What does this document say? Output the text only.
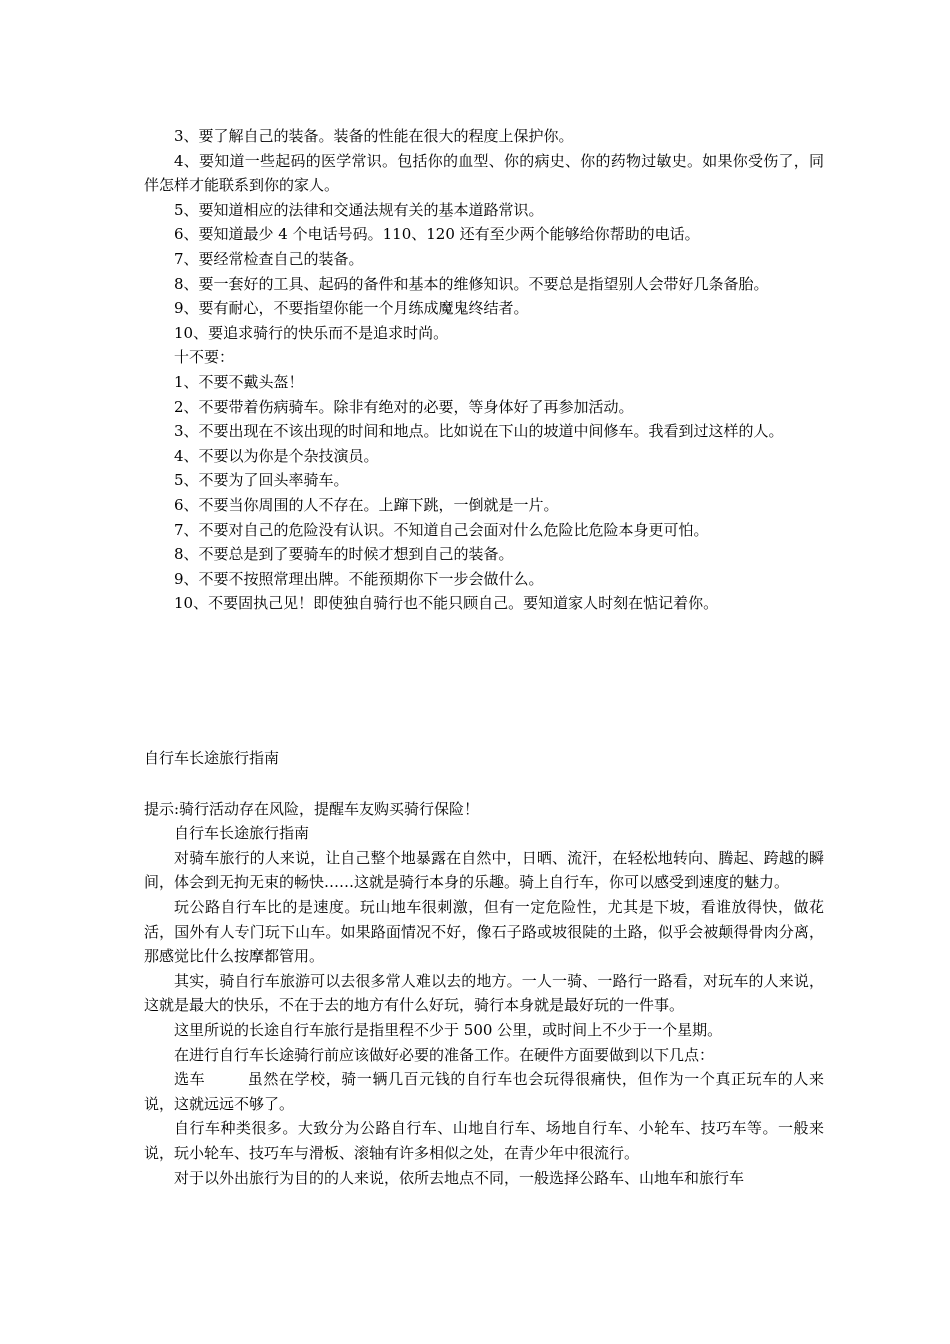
3、要了解自己的装备。装备的性能在很大的程度上保护你。

4、要知道一些起码的医学常识。包括你的血型、你的病史、你的药物过敏史。如果你受伤了，同伴怎样才能联系到你的家人。

5、要知道相应的法律和交通法规有关的基本道路常识。

6、要知道最少 4 个电话号码。110、120 还有至少两个能够给你帮助的电话。

7、要经常检查自己的装备。

8、要一套好的工具、起码的备件和基本的维修知识。不要总是指望别人会带好几条备胎。

9、要有耐心，不要指望你能一个月练成魔鬼终结者。

10、要追求骑行的快乐而不是追求时尚。

十不要：

1、不要不戴头盔！

2、不要带着伤病骑车。除非有绝对的必要，等身体好了再参加活动。

3、不要出现在不该出现的时间和地点。比如说在下山的坡道中间修车。我看到过这样的人。

4、不要以为你是个杂技演员。

5、不要为了回头率骑车。

6、不要当你周围的人不存在。上蹿下跳，一倒就是一片。

7、不要对自己的危险没有认识。不知道自己会面对什么危险比危险本身更可怕。

8、不要总是到了要骑车的时候才想到自己的装备。

9、不要不按照常理出牌。不能预期你下一步会做什么。

10、不要固执己见！即使独自骑行也不能只顾自己。要知道家人时刻在惦记着你。

自行车长途旅行指南

提示:骑行活动存在风险，提醒车友购买骑行保险！

自行车长途旅行指南

对骑车旅行的人来说，让自己整个地暴露在自然中，日晒、流汗，在轻松地转向、腾起、跨越的瞬间，体会到无拘无束的畅快……这就是骑行本身的乐趣。骑上自行车，你可以感受到速度的魅力。

玩公路自行车比的是速度。玩山地车很刺激，但有一定危险性，尤其是下坡，看谁放得快，做花活，国外有人专门玩下山车。如果路面情况不好，像石子路或坡很陡的土路，似乎会被颠得骨肉分离，那感觉比什么按摩都管用。

其实，骑自行车旅游可以去很多常人难以去的地方。一人一骑、一路行一路看，对玩车的人来说，这就是最大的快乐，不在于去的地方有什么好玩，骑行本身就是最好玩的一件事。

这里所说的长途自行车旅行是指里程不少于 500 公里，或时间上不少于一个星期。

在进行自行车长途骑行前应该做好必要的准备工作。在硬件方面要做到以下几点：

选车	虽然在学校，骑一辆几百元钱的自行车也会玩得很痛快，但作为一个真正玩车的人来说，这就远远不够了。

自行车种类很多。大致分为公路自行车、山地自行车、场地自行车、小轮车、技巧车等。一般来说，玩小轮车、技巧车与滑板、滚轴有许多相似之处，在青少年中很流行。

对于以外出旅行为目的的人来说，依所去地点不同，一般选择公路车、山地车和旅行车
